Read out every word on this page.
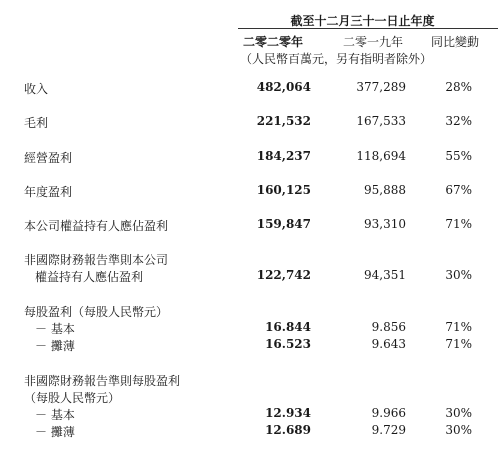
截至十二月三十一日止年度
二零二零年	二零一九年 同比變動
（人民幣百萬元，另有指明者除外）
收入	482,064	377,289	28%
毛利	221,532	167,533	32%
經營盈利	184,237	118,694	55%
年度盈利	160,125	95,888	67%
本公司權益持有人應佔盈利	159,847	93,310	71%
非國際財務報告準則本公司
權益持有人應佔盈利	122,742	94,351	30%
每股盈利（每股人民幣元）
－ 基本	16.844	9.856	71%
－ 攤薄	16.523	9.643	71%
非國際財務報告準則每股盈利
（每股人民幣元）
－ 基本	12.934	9.966	30%
－ 攤薄	12.689	9.729	30%
